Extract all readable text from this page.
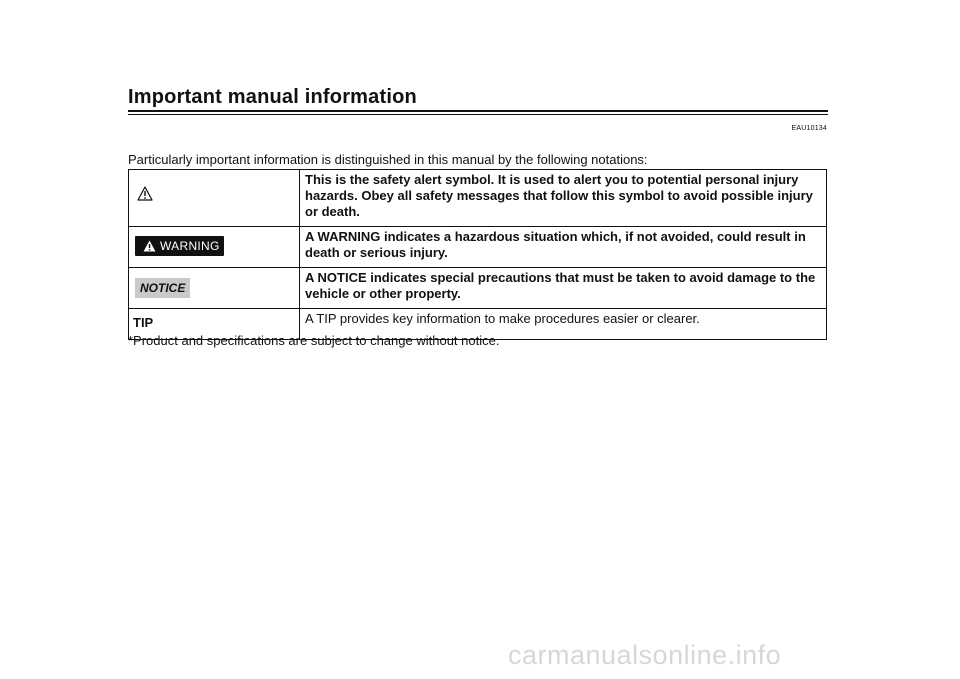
Important manual information
EAU10134
Particularly important information is distinguished in this manual by the following notations:
	This is the safety alert symbol. It is used to alert you to potential personal injury hazards. Obey all safety messages that follow this symbol to avoid possible injury or death.

WARNING	A WARNING indicates a hazardous situation which, if not avoided, could result in death or serious injury.
NOTICE	A NOTICE indicates special precautions that must be taken to avoid damage to the vehicle or other property.
TIP	A TIP provides key information to make procedures easier or clearer.
*Product and specifications are subject to change without notice.
carmanualsonline.info
